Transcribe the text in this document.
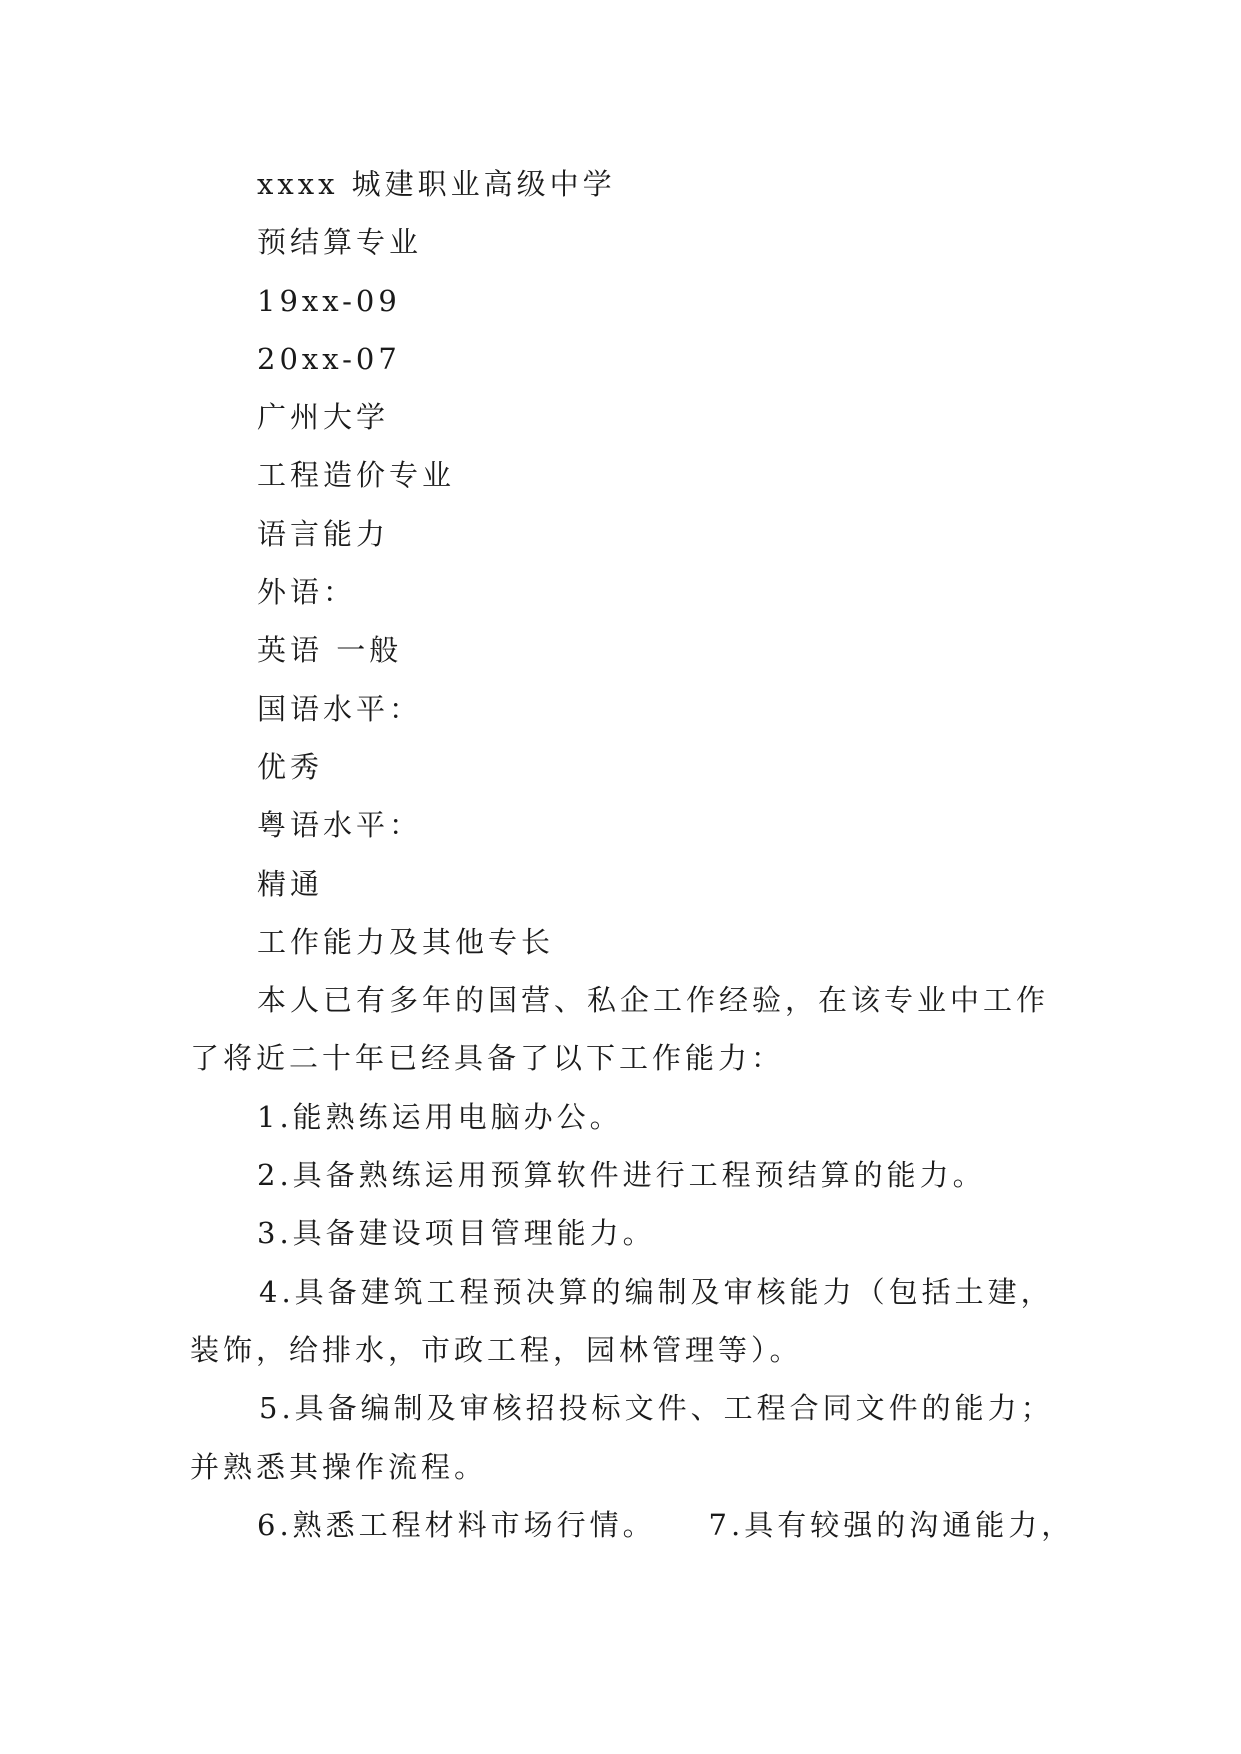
xxxx 城建职业高级中学
预结算专业
19xx-09
20xx-07
广州大学
工程造价专业
语言能力
外语：
英语 一般
国语水平：
优秀
粤语水平：
精通
工作能力及其他专长
本人已有多年的国营、私企工作经验，在该专业中工作
了将近二十年已经具备了以下工作能力：
1.能熟练运用电脑办公。
2.具备熟练运用预算软件进行工程预结算的能力。
3.具备建设项目管理能力。
4.具备建筑工程预决算的编制及审核能力（包括土建，
装饰，给排水，市政工程，园林管理等）。
5.具备编制及审核招投标文件、工程合同文件的能力；
并熟悉其操作流程。
6.熟悉工程材料市场行情。    7.具有较强的沟通能力，
